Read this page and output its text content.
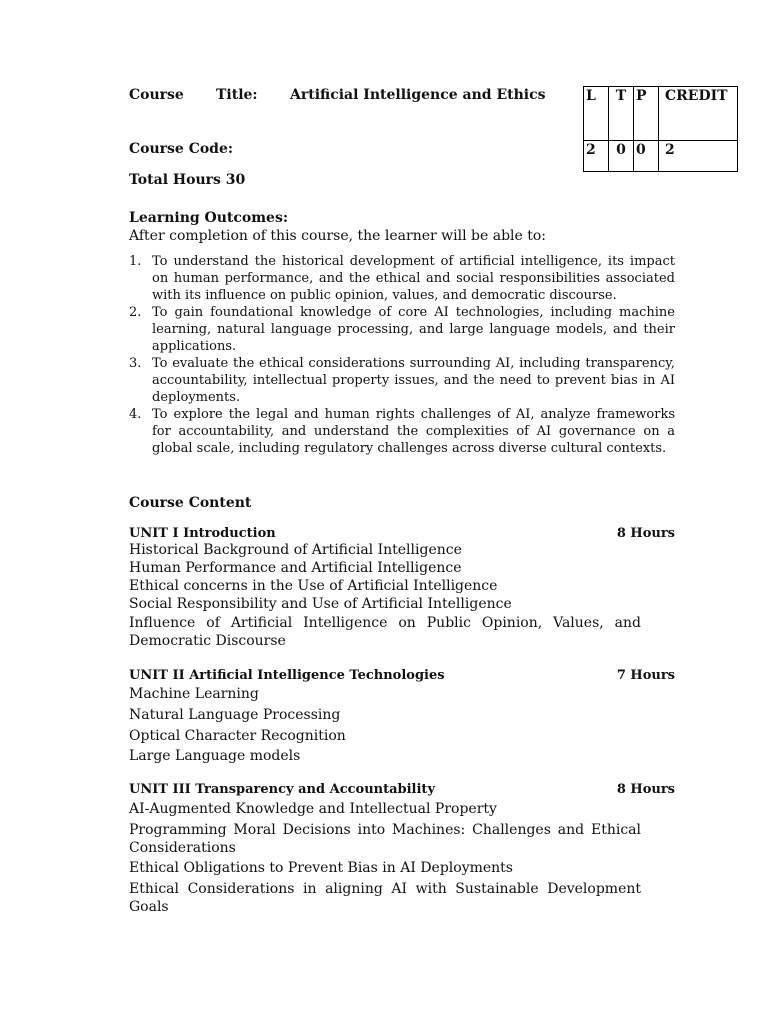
Course Title: Artificial Intelligence and Ethics
Course Code:
Total Hours 30
L	T	P	CREDIT
2	0	0	2
Learning Outcomes:
After completion of this course, the learner will be able to:
1. To understand the historical development of artificial intelligence, its impact on human performance, and the ethical and social responsibilities associated with its influence on public opinion, values, and democratic discourse.
2. To gain foundational knowledge of core AI technologies, including machine learning, natural language processing, and large language models, and their applications.
3. To evaluate the ethical considerations surrounding AI, including transparency, accountability, intellectual property issues, and the need to prevent bias in AI deployments.
4. To explore the legal and human rights challenges of AI, analyze frameworks for accountability, and understand the complexities of AI governance on a global scale, including regulatory challenges across diverse cultural contexts.
Course Content
UNIT I Introduction	8 Hours
Historical Background of Artificial Intelligence
Human Performance and Artificial Intelligence
Ethical concerns in the Use of Artificial Intelligence
Social Responsibility and Use of Artificial Intelligence
Influence of Artificial Intelligence on Public Opinion, Values, and Democratic Discourse
UNIT II Artificial Intelligence Technologies	7 Hours
Machine Learning
Natural Language Processing
Optical Character Recognition
Large Language models
UNIT III Transparency and Accountability	8 Hours
AI-Augmented Knowledge and Intellectual Property
Programming Moral Decisions into Machines: Challenges and Ethical Considerations
Ethical Obligations to Prevent Bias in AI Deployments
Ethical Considerations in aligning AI with Sustainable Development Goals
